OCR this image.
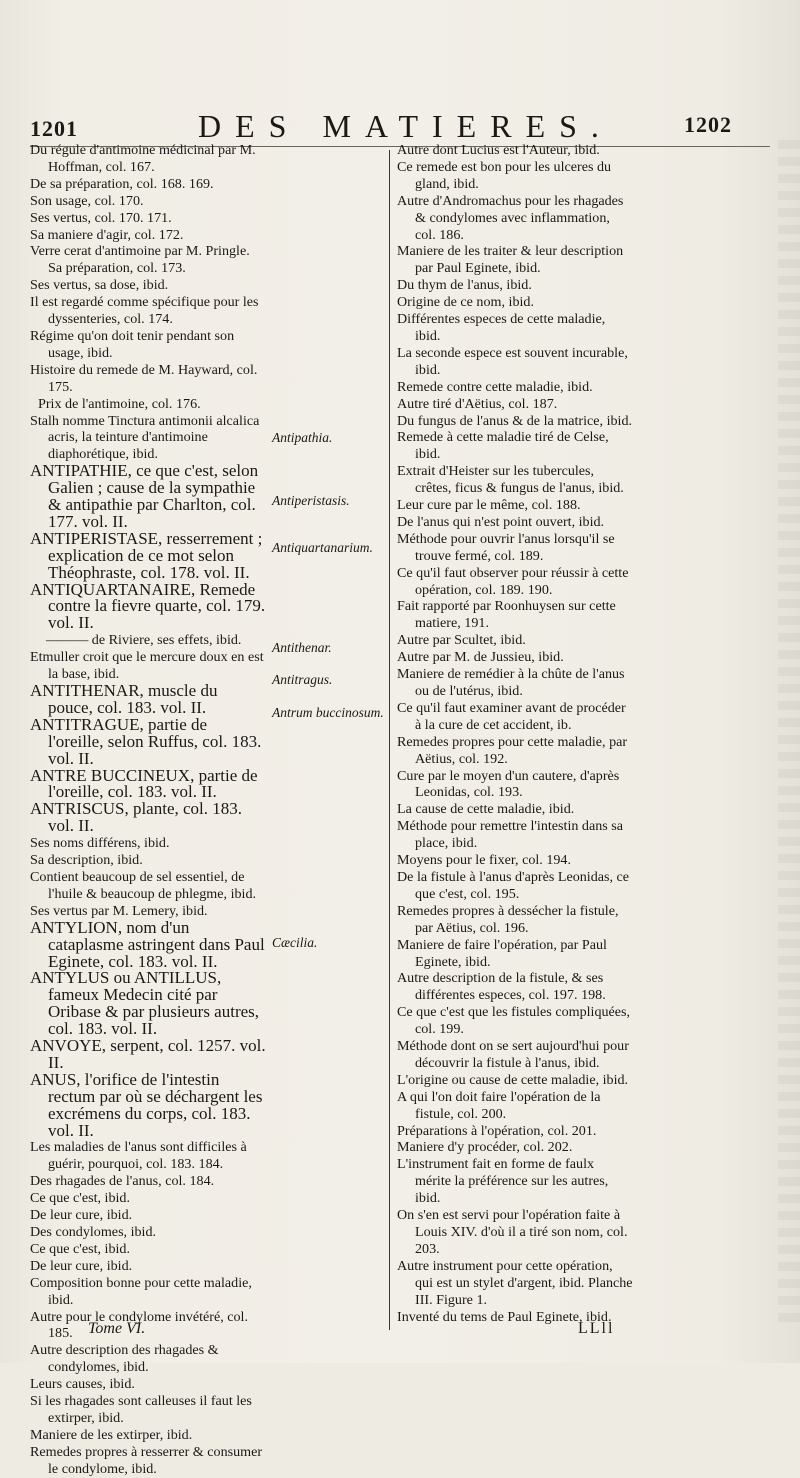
1201	DES MATIERES.	1202
Du régule d'antimoine médicinal par M. Hoffman, col. 167.
De sa préparation, col. 168. 169.
Son usage, col. 170.
Ses vertus, col. 170. 171.
Sa maniere d'agir, col. 172.
Verre cerat d'antimoine par M. Pringle. Sa préparation, col. 173.
Ses vertus, sa dose, ibid.
Il est regardé comme spécifique pour les dyssenteries, col. 174.
Régime qu'on doit tenir pendant son usage, ibid.
Histoire du remede de M. Hayward, col. 175.
Prix de l'antimoine, col. 176.
Stalh nomme Tinctura antimonii alcalica acris, la teinture d'antimoine diaphorétique, ibid.
ANTIPATHIE, ce que c'est, selon Galien ; cause de la sympathie & antipathie par Charlton, col. 177. vol. II.
ANTIPERISTASE, resserrement ; explication de ce mot selon Théophraste, col. 178. vol. II.
ANTIQUARTANAIRE, Remede contre la fievre quarte, col. 179. vol. II.
——— de Riviere, ses effets, ibid.
Etmuller croit que le mercure doux en est la base, ibid.
ANTITHENAR, muscle du pouce, col. 183. vol. II.
ANTITRAGUE, partie de l'oreille, selon Ruffus, col. 183. vol. II.
ANTRE BUCCINEUX, partie de l'oreille, col. 183. vol. II.
ANTRISCUS, plante, col. 183. vol. II.
Ses noms différens, ibid.
Sa description, ibid.
Contient beaucoup de sel essentiel, de l'huile & beaucoup de phlegme, ibid.
Ses vertus par M. Lemery, ibid.
ANTYLION, nom d'un cataplasme astringent dans Paul Eginete, col. 183. vol. II.
ANTYLUS ou ANTILLUS, fameux Medecin cité par Oribase & par plusieurs autres, col. 183. vol. II.
ANVOYE, serpent, col. 1257. vol. II.
ANUS, l'orifice de l'intestin rectum par où se déchargent les excrémens du corps, col. 183. vol. II.
Les maladies de l'anus sont difficiles à guérir, pourquoi, col. 183. 184.
Des rhagades de l'anus, col. 184.
Ce que c'est, ibid.
De leur cure, ibid.
Des condylomes, ibid.
Ce que c'est, ibid.
De leur cure, ibid.
Composition bonne pour cette maladie, ibid.
Autre pour le condylome invétéré, col. 185.
Autre description des rhagades & condylomes, ibid.
Leurs causes, ibid.
Si les rhagades sont calleuses il faut les extirper, ibid.
Maniere de les extirper, ibid.
Remedes propres à resserrer & consumer le condylome, ibid.
Antipathia.
Antiperistasis.
Antiquartanarium.
Antithenar.
Antitragus.
Antrum buccinosum.
Cæcilia.
Autre dont Lucius est l'Auteur, ibid.
Ce remede est bon pour les ulceres du gland, ibid.
Autre d'Andromachus pour les rhagades & condylomes avec inflammation, col. 186.
Maniere de les traiter & leur description par Paul Eginete, ibid.
Du thym de l'anus, ibid.
Origine de ce nom, ibid.
Différentes especes de cette maladie, ibid.
La seconde espece est souvent incurable, ibid.
Remede contre cette maladie, ibid.
Autre tiré d'Aëtius, col. 187.
Du fungus de l'anus & de la matrice, ibid.
Remede à cette maladie tiré de Celse, ibid.
Extrait d'Heister sur les tubercules, crêtes, ficus & fungus de l'anus, ibid.
Leur cure par le même, col. 188.
De l'anus qui n'est point ouvert, ibid.
Méthode pour ouvrir l'anus lorsqu'il se trouve fermé, col. 189.
Ce qu'il faut observer pour réussir à cette opération, col. 189. 190.
Fait rapporté par Roonhuysen sur cette matiere, 191.
Autre par Scultet, ibid.
Autre par M. de Jussieu, ibid.
Maniere de remédier à la chûte de l'anus ou de l'utérus, ibid.
Ce qu'il faut examiner avant de procéder à la cure de cet accident, ib.
Remedes propres pour cette maladie, par Aëtius, col. 192.
Cure par le moyen d'un cautere, d'après Leonidas, col. 193.
La cause de cette maladie, ibid.
Méthode pour remettre l'intestin dans sa place, ibid.
Moyens pour le fixer, col. 194.
De la fistule à l'anus d'après Leonidas, ce que c'est, col. 195.
Remedes propres à dessécher la fistule, par Aëtius, col. 196.
Maniere de faire l'opération, par Paul Eginete, ibid.
Autre description de la fistule, & ses différentes especes, col. 197. 198.
Ce que c'est que les fistules compliquées, col. 199.
Méthode dont on se sert aujourd'hui pour découvrir la fistule à l'anus, ibid.
L'origine ou cause de cette maladie, ibid.
A qui l'on doit faire l'opération de la fistule, col. 200.
Préparations à l'opération, col. 201.
Maniere d'y procéder, col. 202.
L'instrument fait en forme de faulx mérite la préférence sur les autres, ibid.
On s'en est servi pour l'opération faite à Louis XIV. d'où il a tiré son nom, col. 203.
Autre instrument pour cette opération, qui est un stylet d'argent, ibid. Planche III. Figure 1.
Inventé du tems de Paul Eginete, ibid.
Tome VI.	LLll
